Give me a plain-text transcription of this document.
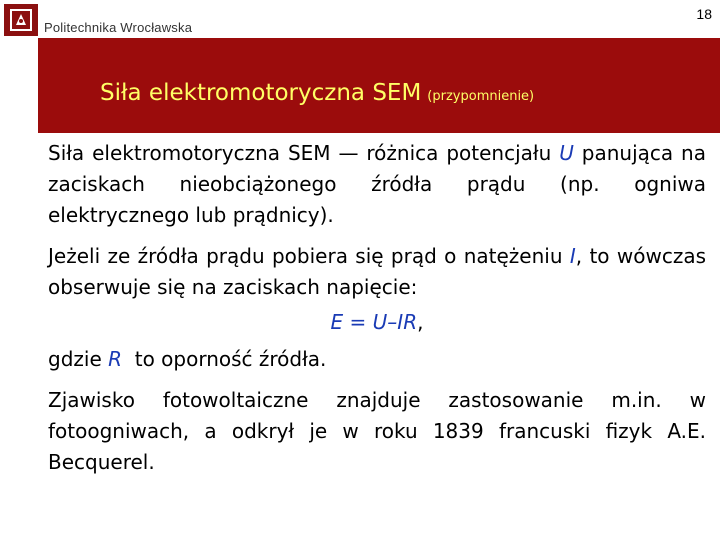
Politechnika Wrocławska
18
Siła elektromotoryczna SEM (przypomnienie)

Siła elektromotoryczna SEM — różnica potencjału U panująca na zaciskach nieobciążonego źródła prądu (np. ogniwa elektrycznego lub prądnicy).

Jeżeli ze źródła prądu pobiera się prąd o natężeniu I, to wówczas obserwuje się na zaciskach napięcie:

E = U–IR,

gdzie R  to oporność źródła.

Zjawisko fotowoltaiczne znajduje zastosowanie m.in. w fotoogniwach, a odkrył je w roku 1839 francuski fizyk A.E. Becquerel.
